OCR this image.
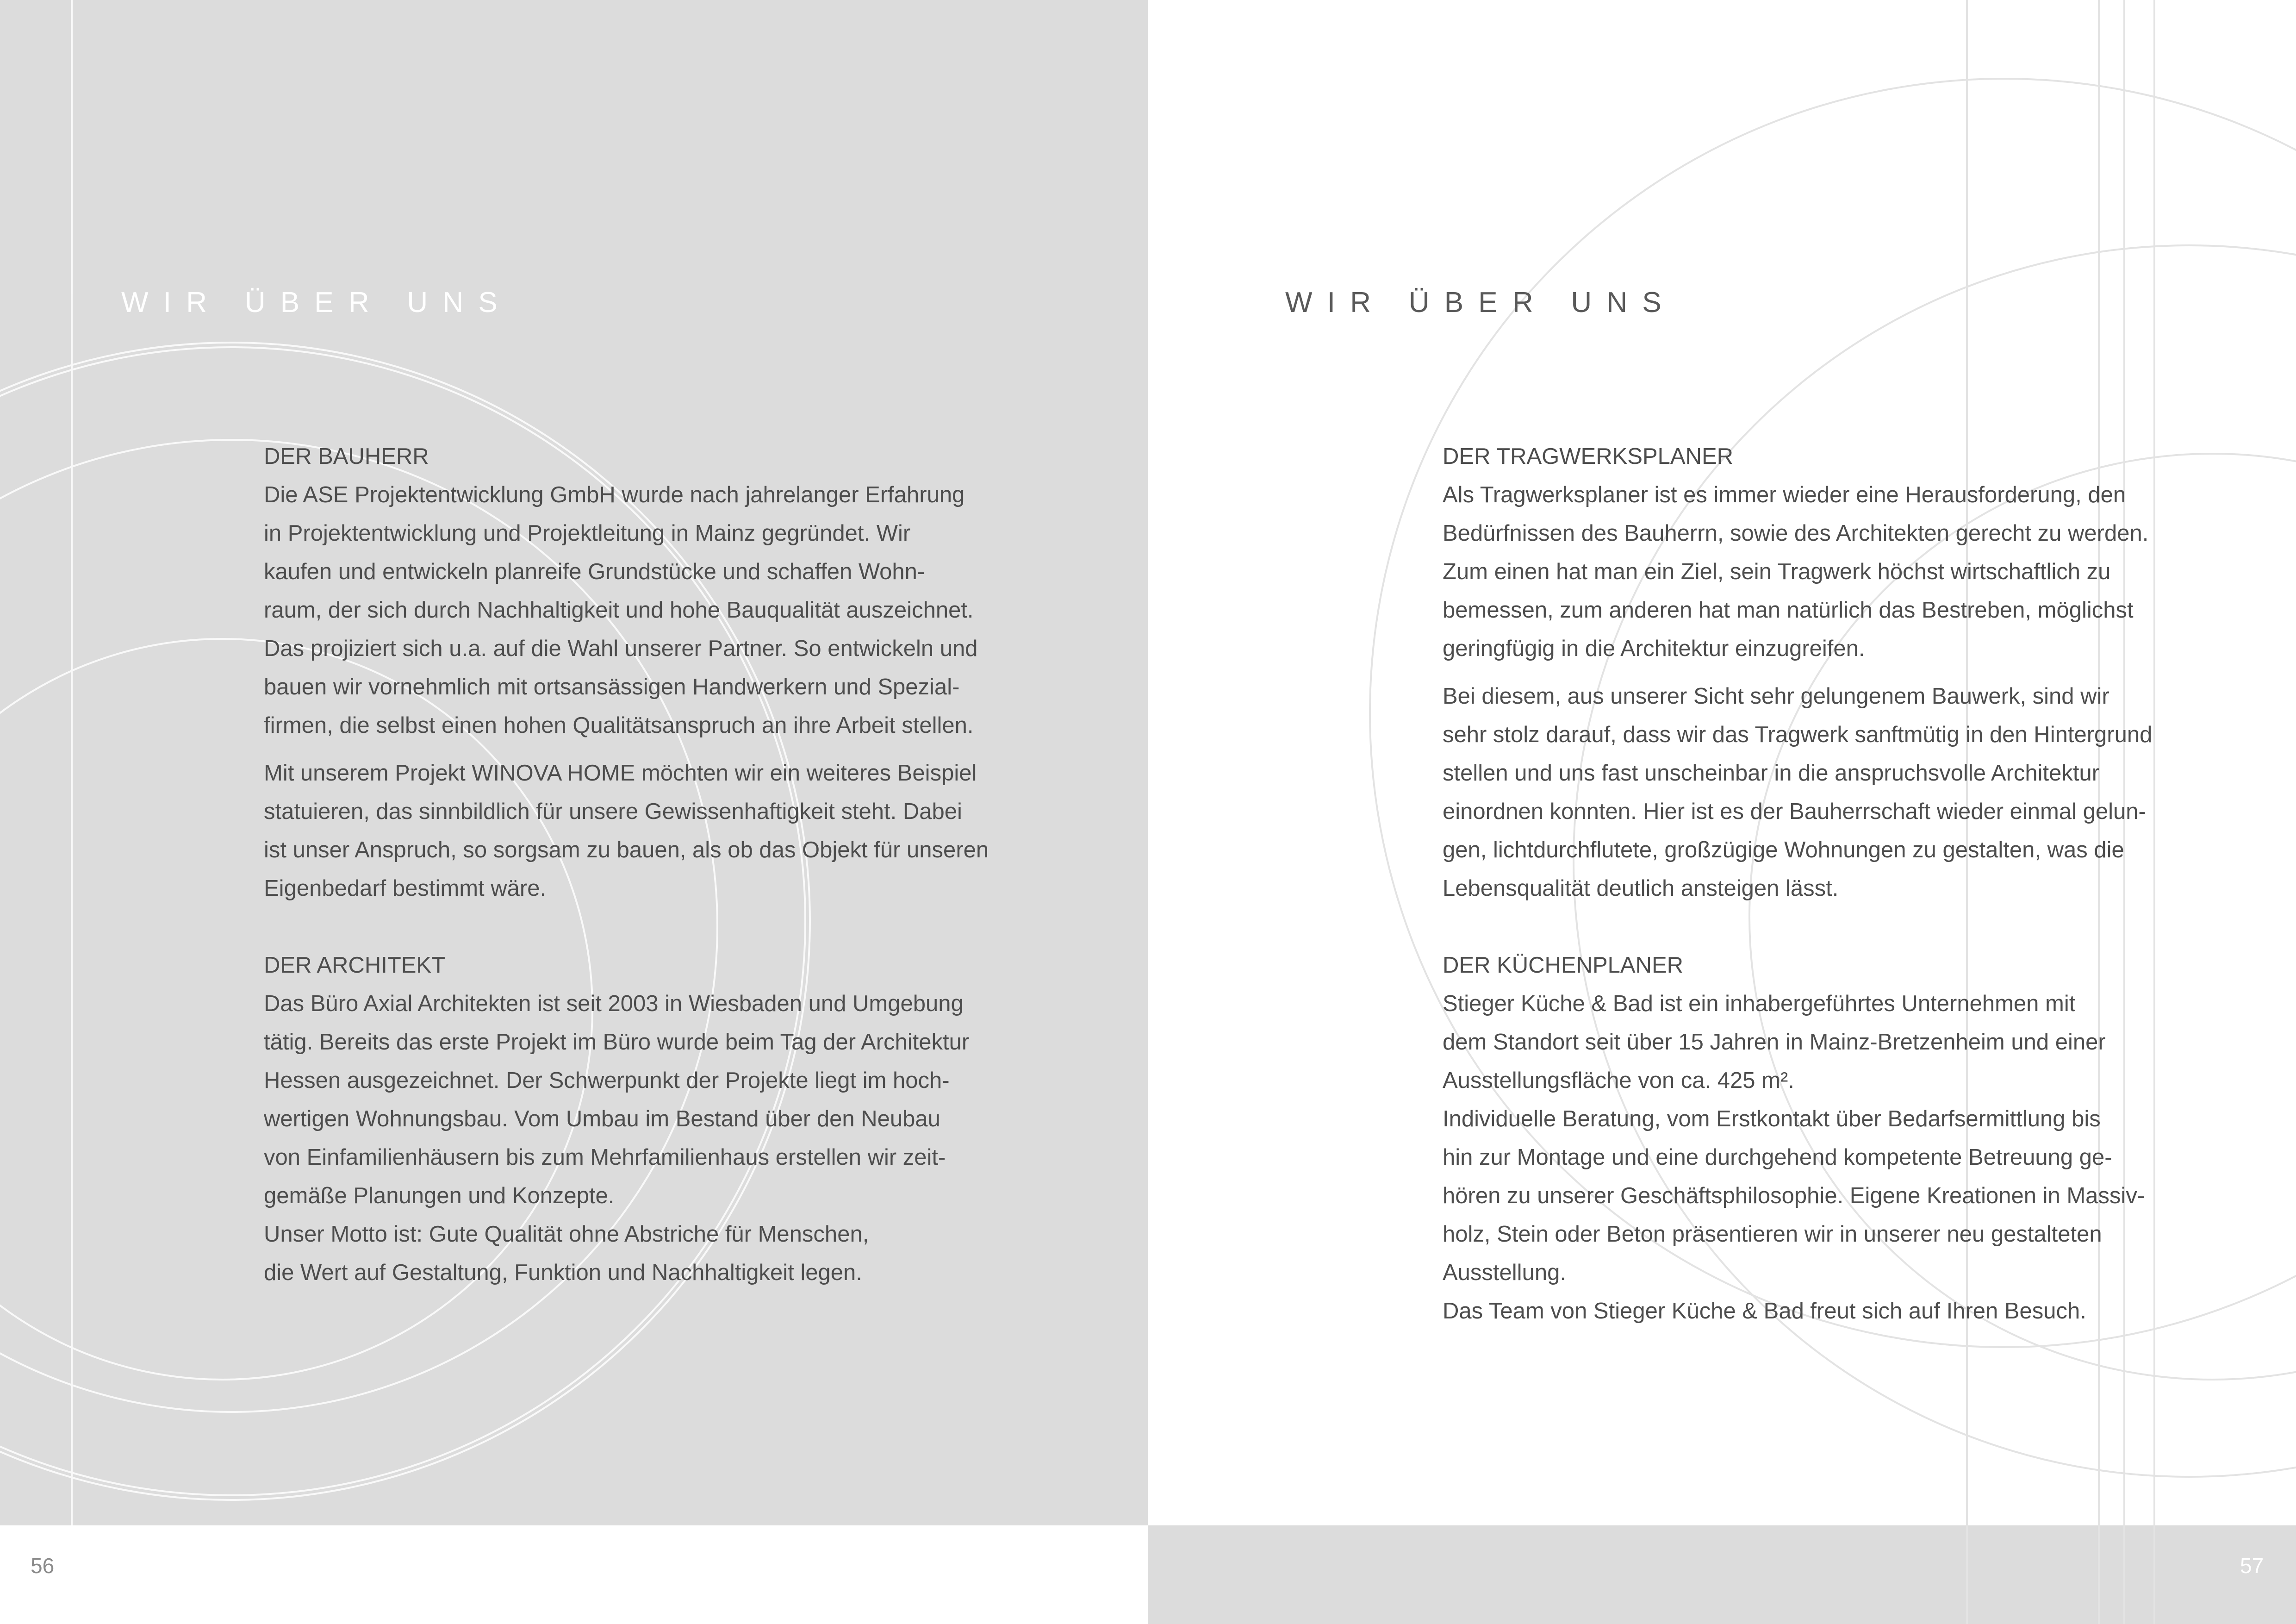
WIR ÜBER UNS
DER BAUHERR

Die ASE Projektentwicklung GmbH wurde nach jahrelanger Erfahrung
in Projektentwicklung und Projektleitung in Mainz gegründet. Wir
kaufen und entwickeln planreife Grundstücke und schaffen Wohn-
raum, der sich durch Nachhaltigkeit und hohe Bauqualität auszeichnet.
Das projiziert sich u.a. auf die Wahl unserer Partner. So entwickeln und
bauen wir vornehmlich mit ortsansässigen Handwerkern und Spezial-
firmen, die selbst einen hohen Qualitätsanspruch an ihre Arbeit stellen.

Mit unserem Projekt WINOVA HOME möchten wir ein weiteres Beispiel
statuieren, das sinnbildlich für unsere Gewissenhaftigkeit steht. Dabei
ist unser Anspruch, so sorgsam zu bauen, als ob das Objekt für unseren
Eigenbedarf bestimmt wäre.

DER ARCHITEKT

Das Büro Axial Architekten ist seit 2003 in Wiesbaden und Umgebung
tätig. Bereits das erste Projekt im Büro wurde beim Tag der Architektur
Hessen ausgezeichnet. Der Schwerpunkt der Projekte liegt im hoch-
wertigen Wohnungsbau. Vom Umbau im Bestand über den Neubau
von Einfamilienhäusern bis zum Mehrfamilienhaus erstellen wir zeit-
gemäße Planungen und Konzepte.
Unser Motto ist: Gute Qualität ohne Abstriche für Menschen,
die Wert auf Gestaltung, Funktion und Nachhaltigkeit legen.

56
WIR ÜBER UNS
DER TRAGWERKSPLANER

Als Tragwerksplaner ist es immer wieder eine Herausforderung, den
Bedürfnissen des Bauherrn, sowie des Architekten gerecht zu werden.
Zum einen hat man ein Ziel, sein Tragwerk höchst wirtschaftlich zu
bemessen, zum anderen hat man natürlich das Bestreben, möglichst
geringfügig in die Architektur einzugreifen.

Bei diesem, aus unserer Sicht sehr gelungenem Bauwerk, sind wir
sehr stolz darauf, dass wir das Tragwerk sanftmütig in den Hintergrund
stellen und uns fast unscheinbar in die anspruchsvolle Architektur
einordnen konnten. Hier ist es der Bauherrschaft wieder einmal gelun-
gen, lichtdurchflutete, großzügige Wohnungen zu gestalten, was die
Lebensqualität deutlich ansteigen lässt.

DER KÜCHENPLANER

Stieger Küche & Bad ist ein inhabergeführtes Unternehmen mit
dem Standort seit über 15 Jahren in Mainz-Bretzenheim und einer
Ausstellungsfläche von ca. 425 m².
Individuelle Beratung, vom Erstkontakt über Bedarfsermittlung bis
hin zur Montage und eine durchgehend kompetente Betreuung ge-
hören zu unserer Geschäftsphilosophie. Eigene Kreationen in Massiv-
holz, Stein oder Beton präsentieren wir in unserer neu gestalteten
Ausstellung.
Das Team von Stieger Küche & Bad freut sich auf Ihren Besuch.

57
